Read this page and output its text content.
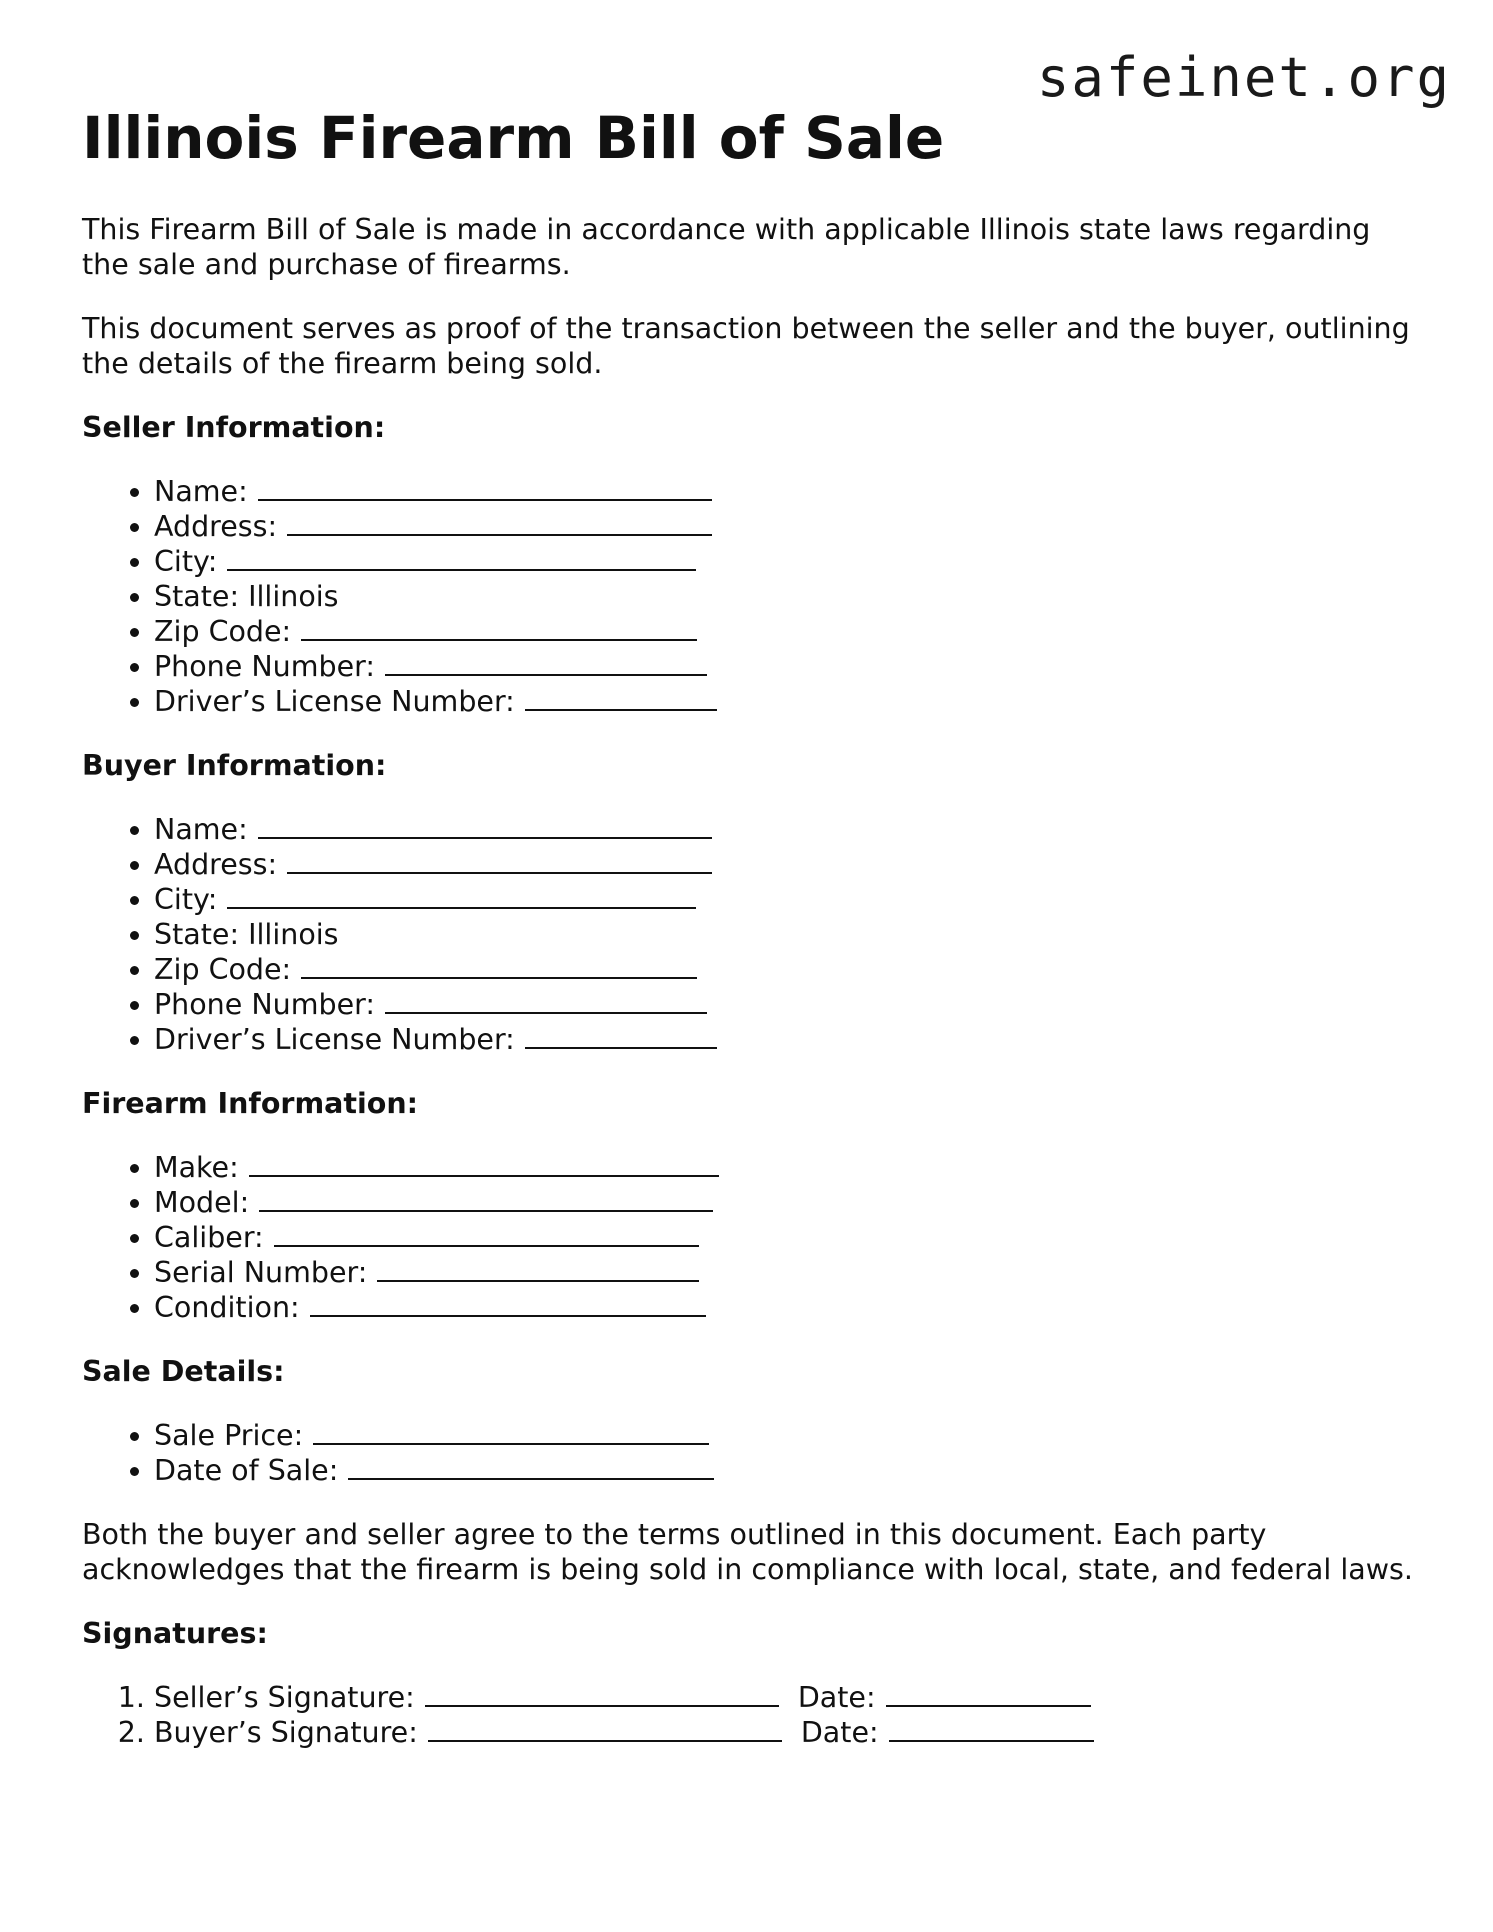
safeinet.org
Illinois Firearm Bill of Sale

This Firearm Bill of Sale is made in accordance with applicable Illinois state laws regarding the sale and purchase of firearms.

This document serves as proof of the transaction between the seller and the buyer, outlining the details of the firearm being sold.

Seller Information:
• Name:
• Address:
• City:
• State: Illinois
• Zip Code:
• Phone Number:
• Driver’s License Number:
Buyer Information:
• Name:
• Address:
• City:
• State: Illinois
• Zip Code:
• Phone Number:
• Driver’s License Number:
Firearm Information:
• Make:
• Model:
• Caliber:
• Serial Number:
• Condition:
Sale Details:
• Sale Price:
• Date of Sale:

Both the buyer and seller agree to the terms outlined in this document. Each party acknowledges that the firearm is being sold in compliance with local, state, and federal laws.

Signatures:
1. Seller’s Signature:	Date:
2. Buyer’s Signature:	Date:
